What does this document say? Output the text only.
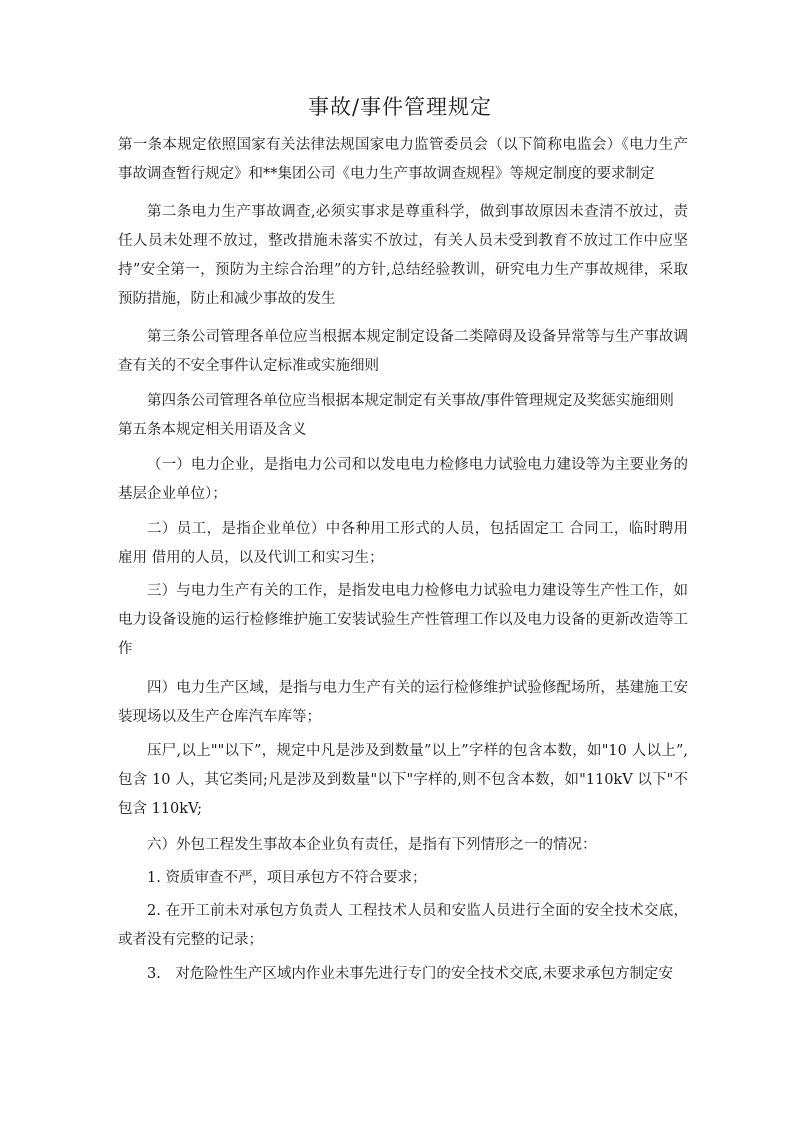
事故/事件管理规定

第一条本规定依照国家有关法律法规国家电力监管委员会（以下简称电监会）《电力生产事故调查暂行规定》和**集团公司《电力生产事故调查规程》等规定制度的要求制定

第二条电力生产事故调查,必须实事求是尊重科学，做到事故原因未查清不放过，责任人员未处理不放过，整改措施未落实不放过，有关人员未受到教育不放过工作中应坚持”安全第一，预防为主综合治理”的方针,总结经验教训，研究电力生产事故规律，采取预防措施，防止和减少事故的发生

第三条公司管理各单位应当根据本规定制定设备二类障碍及设备异常等与生产事故调查有关的不安全事件认定标准或实施细则

第四条公司管理各单位应当根据本规定制定有关事故/事件管理规定及奖惩实施细则

第五条本规定相关用语及含义

（一）电力企业，是指电力公司和以发电电力检修电力试验电力建设等为主要业务的基层企业单位）；

二）员工，是指企业单位）中各种用工形式的人员，包括固定工 合同工，临时聘用雇用 借用的人员，以及代训工和实习生；

三）与电力生产有关的工作，是指发电电力检修电力试验电力建设等生产性工作，如电力设备设施的运行检修维护施工安装试验生产性管理工作以及电力设备的更新改造等工作

四）电力生产区域，是指与电力生产有关的运行检修维护试验修配场所，基建施工安装现场以及生产仓库汽车库等；

压尸,以上""以下”，规定中凡是涉及到数量”以上”字样的包含本数，如"10 人以上”,包含 10 人，其它类同;凡是涉及到数量"以下"字样的,则不包含本数，如"110kV 以下"不包含 110kV;

六）外包工程发生事故本企业负有责任，是指有下列情形之一的情况：

1. 资质审查不严，项目承包方不符合要求；

2. 在开工前未对承包方负责人 工程技术人员和安监人员进行全面的安全技术交底，或者没有完整的记录；

3.　对危险性生产区域内作业未事先进行专门的安全技术交底,未要求承包方制定安
